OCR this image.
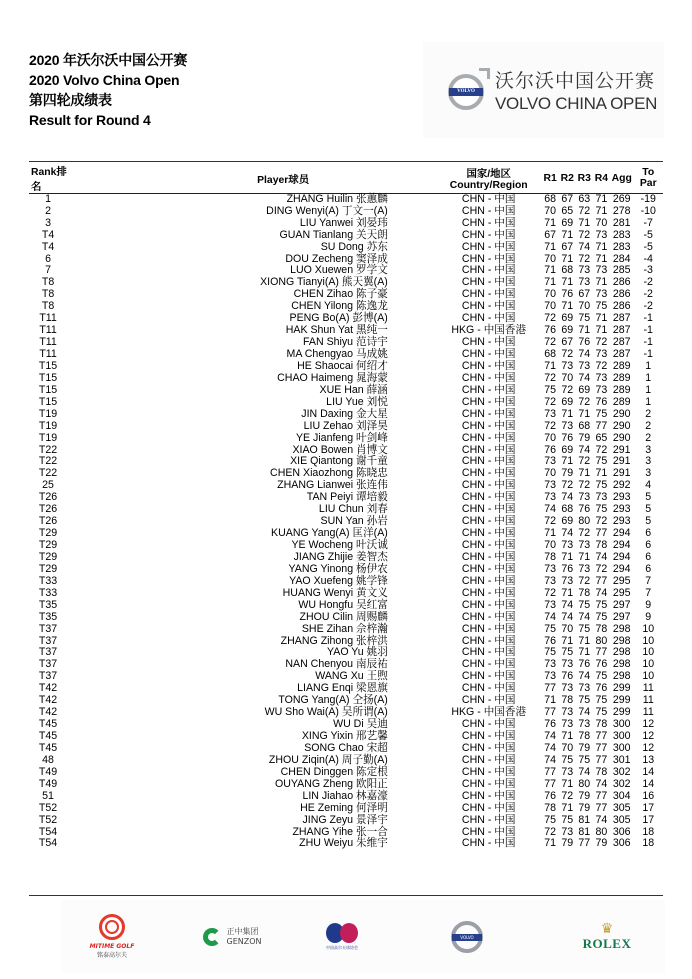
2020 年沃尔沃中国公开赛
2020 Volvo China Open
第四轮成绩表
Result for Round 4
VOLVO	沃尔沃中国公开赛
VOLVO CHINA OPEN
Rank排名	Player球员	国家/地区Country/Region	R1	R2	R3	R4	Agg	To Par
1	ZHANG Huilin 张蕙麟	CHN - 中国	68	67	63	71	269	-19
2	DING Wenyi(A) 丁文一(A)	CHN - 中国	70	65	72	71	278	-10
3	LIU Yanwei 刘晏玮	CHN - 中国	71	69	71	70	281	-7
T4	GUAN Tianlang 关天朗	CHN - 中国	67	71	72	73	283	-5
T4	SU Dong 苏东	CHN - 中国	71	67	74	71	283	-5
6	DOU Zecheng 窦泽成	CHN - 中国	70	71	72	71	284	-4
7	LUO Xuewen 罗学文	CHN - 中国	71	68	73	73	285	-3
T8	XIONG Tianyi(A) 熊天翼(A)	CHN - 中国	71	71	73	71	286	-2
T8	CHEN Zihao 陈子豪	CHN - 中国	70	76	67	73	286	-2
T8	CHEN Yilong 陈逸龙	CHN - 中国	70	71	70	75	286	-2
T11	PENG Bo(A) 彭博(A)	CHN - 中国	72	69	75	71	287	-1
T11	HAK Shun Yat 黑纯一	HKG - 中国香港	76	69	71	71	287	-1
T11	FAN Shiyu 范诗宇	CHN - 中国	72	67	76	72	287	-1
T11	MA Chengyao 马成姚	CHN - 中国	68	72	74	73	287	-1
T15	HE Shaocai 何绍才	CHN - 中国	71	73	73	72	289	1
T15	CHAO Haimeng 晁海蒙	CHN - 中国	72	70	74	73	289	1
T15	XUE Han 薛涵	CHN - 中国	75	72	69	73	289	1
T15	LIU Yue 刘悦	CHN - 中国	72	69	72	76	289	1
T19	JIN Daxing 金大星	CHN - 中国	73	71	71	75	290	2
T19	LIU Zehao 刘泽昊	CHN - 中国	72	73	68	77	290	2
T19	YE Jianfeng 叶剑峰	CHN - 中国	70	76	79	65	290	2
T22	XIAO Bowen 肖博文	CHN - 中国	76	69	74	72	291	3
T22	XIE Qiantong 谢千童	CHN - 中国	73	71	72	75	291	3
T22	CHEN Xiaozhong 陈晓忠	CHN - 中国	70	79	71	71	291	3
25	ZHANG Lianwei 张连伟	CHN - 中国	73	72	72	75	292	4
T26	TAN Peiyi 谭培毅	CHN - 中国	73	74	73	73	293	5
T26	LIU Chun 刘春	CHN - 中国	74	68	76	75	293	5
T26	SUN Yan 孙岩	CHN - 中国	72	69	80	72	293	5
T29	KUANG Yang(A) 匡洋(A)	CHN - 中国	71	74	72	77	294	6
T29	YE Wocheng 叶沃诚	CHN - 中国	70	73	73	78	294	6
T29	JIANG Zhijie 姜智杰	CHN - 中国	78	71	71	74	294	6
T29	YANG Yinong 杨伊农	CHN - 中国	73	76	73	72	294	6
T33	YAO Xuefeng 姚学锋	CHN - 中国	73	73	72	77	295	7
T33	HUANG Wenyi 黄文义	CHN - 中国	72	71	78	74	295	7
T35	WU Hongfu 吴红富	CHN - 中国	73	74	75	75	297	9
T35	ZHOU Cilin 周赐麟	CHN - 中国	74	74	74	75	297	9
T37	SHE Zihan 佘梓瀚	CHN - 中国	75	70	75	78	298	10
T37	ZHANG Zihong 张梓洪	CHN - 中国	76	71	71	80	298	10
T37	YAO Yu 姚羽	CHN - 中国	75	75	71	77	298	10
T37	NAN Chenyou 南辰祐	CHN - 中国	73	73	76	76	298	10
T37	WANG Xu 王煦	CHN - 中国	73	76	74	75	298	10
T42	LIANG Enqi 梁恩旗	CHN - 中国	77	73	73	76	299	11
T42	TONG Yang(A) 仝扬(A)	CHN - 中国	71	78	75	75	299	11
T42	WU Sho Wai(A) 吴所谓(A)	HKG - 中国香港	77	73	74	75	299	11
T45	WU Di 吴迪	CHN - 中国	76	73	73	78	300	12
T45	XING Yixin 邢艺馨	CHN - 中国	74	71	78	77	300	12
T45	SONG Chao 宋超	CHN - 中国	74	70	79	77	300	12
48	ZHOU Ziqin(A) 周子勤(A)	CHN - 中国	74	75	75	77	301	13
T49	CHEN Dinggen 陈定根	CHN - 中国	77	73	74	78	302	14
T49	OUYANG Zheng 欧阳正	CHN - 中国	77	71	80	74	302	14
51	LIN Jiahao 林嘉濠	CHN - 中国	76	72	79	77	304	16
T52	HE Zeming 何泽明	CHN - 中国	78	71	79	77	305	17
T52	JING Zeyu 景泽宇	CHN - 中国	75	75	81	74	305	17
T54	ZHANG Yihe 张一合	CHN - 中国	72	73	81	80	306	18
T54	ZHU Weiyu 朱维宇	CHN - 中国	71	79	77	79	306	18
MITIME GOLF
铭泰高尔夫
正中集团
GENZON
中国高尔夫球协会
VOLVO
♛
ROLEX
